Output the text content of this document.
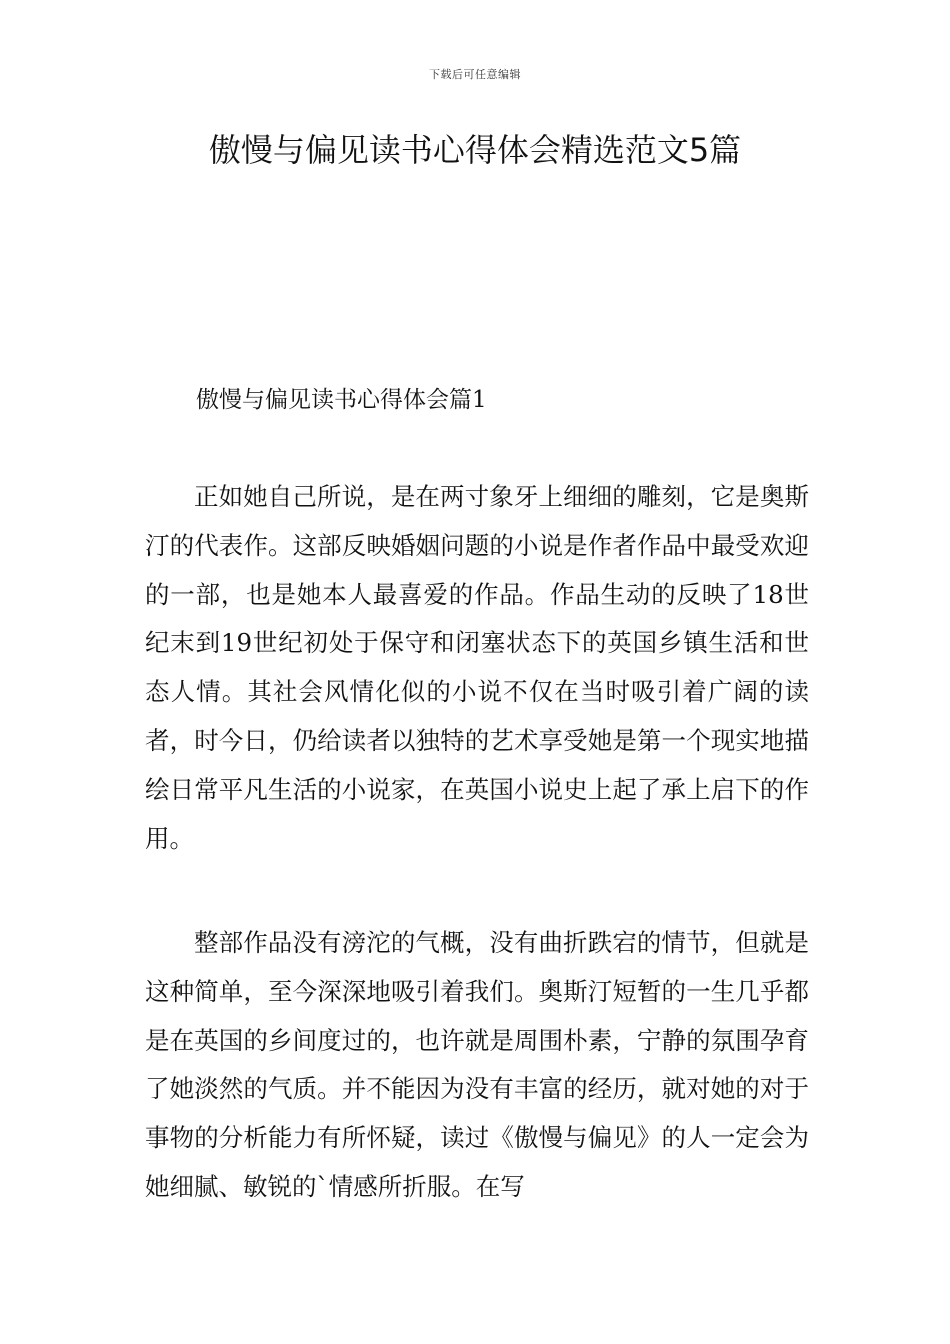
下载后可任意编辑
傲慢与偏见读书心得体会精选范文5篇
傲慢与偏见读书心得体会篇1

正如她自己所说，是在两寸象牙上细细的雕刻，它是奥斯汀的代表作。这部反映婚姻问题的小说是作者作品中最受欢迎的一部，也是她本人最喜爱的作品。作品生动的反映了18世纪末到19世纪初处于保守和闭塞状态下的英国乡镇生活和世态人情。其社会风情化似的小说不仅在当时吸引着广阔的读者，时今日，仍给读者以独特的艺术享受她是第一个现实地描绘日常平凡生活的小说家，在英国小说史上起了承上启下的作用。

整部作品没有滂沱的气概，没有曲折跌宕的情节，但就是这种简单，至今深深地吸引着我们。奥斯汀短暂的一生几乎都是在英国的乡间度过的，也许就是周围朴素，宁静的氛围孕育了她淡然的气质。并不能因为没有丰富的经历，就对她的对于事物的分析能力有所怀疑，读过《傲慢与偏见》的人一定会为她细腻、敏锐的`情感所折服。在写
